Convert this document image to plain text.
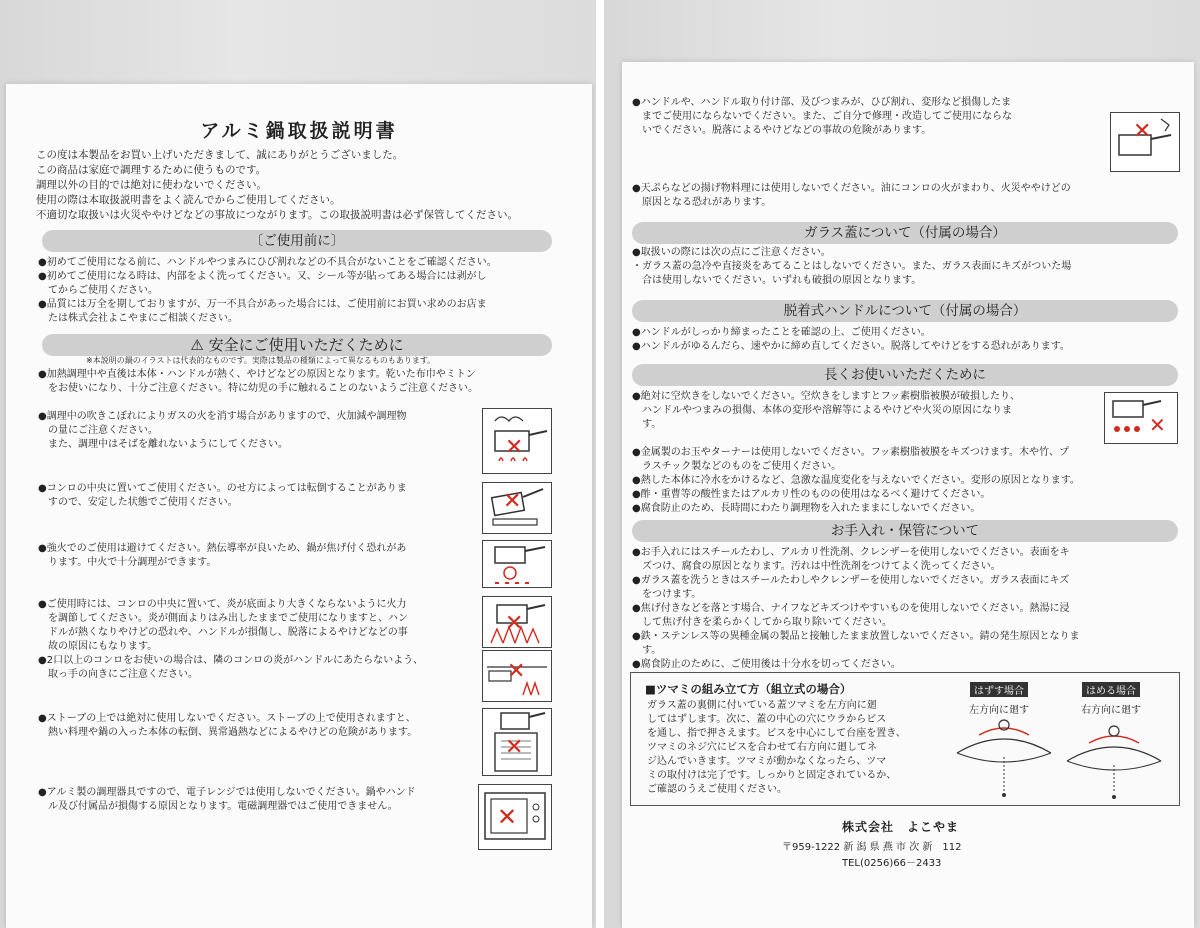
アルミ鍋取扱説明書
この度は本製品をお買い上げいただきまして、誠にありがとうございました。
この商品は家庭で調理するために使うものです。
調理以外の目的では絶対に使わないでください。
使用の際は本取扱説明書をよく読んでからご使用してください。
不適切な取扱いは火災ややけどなどの事故につながります。この取扱説明書は必ず保管してください。
〔ご使用前に〕

●初めてご使用になる前に、ハンドルやつまみにひび割れなどの不具合がないことをご確認ください。

●初めてご使用になる時は、内部をよく洗ってください。又、シール等が貼ってある場合には剥がし

　てからご使用ください。

●品質には万全を期しておりますが、万一不具合があった場合には、ご使用前にお買い求めのお店ま

　たは株式会社よこやまにご相談ください。

⚠ 安全にご使用いただくために
※本説明の鍋のイラストは代表的なものです。実際は製品の種類によって異なるものもあります。

●加熱調理中や直後は本体・ハンドルが熱く、やけどなどの原因となります。乾いた布巾やミトン

　をお使いになり、十分ご注意ください。特に幼児の手に触れることのないようご注意ください。

●調理中の吹きこぼれによりガスの火を消す場合がありますので、火加減や調理物

　の量にご注意ください。

　また、調理中はそばを離れないようにしてください。	✕

●コンロの中央に置いてご使用ください。のせ方によっては転倒することがありま

　すので、安定した状態でご使用ください。	✕

●強火でのご使用は避けてください。熱伝導率が良いため、鍋が焦げ付く恐れがあ

　ります。中火で十分調理ができます。

●ご使用時には、コンロの中央に置いて、炎が底面より大きくならないように火力

　を調節してください。炎が側面よりはみ出したままでご使用になりますと、ハン

　ドルが熱くなりやけどの恐れや、ハンドルが損傷し、脱落によるやけどなどの事

　故の原因にもなります。

✕

●2口以上のコンロをお使いの場合は、隣のコンロの炎がハンドルにあたらないよう、

　取っ手の向きにご注意ください。	✕

●ストーブの上では絶対に使用しないでください。ストーブの上で使用されますと、

　熱い料理や鍋の入った本体の転倒、異常過熱などによるやけどの危険があります。

✕

●アルミ製の調理器具ですので、電子レンジでは使用しないでください。鍋やハンド

　ル及び付属品が損傷する原因となります。電磁調理器ではご使用できません。	✕

●ハンドルや、ハンドル取り付け部、及びつまみが、ひび割れ、変形など損傷したま

　までご使用にならないでください。また、ご自分で修理・改造してご使用にならな

　いでください。脱落によるやけどなどの事故の危険があります。	✕

●天ぷらなどの揚げ物料理には使用しないでください。油にコンロの火がまわり、火災ややけどの

　原因となる恐れがあります。

ガラス蓋について（付属の場合）

●取扱いの際には次の点にご注意ください。

・ガラス蓋の急冷や直接炎をあてることはしないでください。また、ガラス表面にキズがついた場

　合は使用しないでください。いずれも破損の原因となります。

脱着式ハンドルについて（付属の場合）

●ハンドルがしっかり締まったことを確認の上、ご使用ください。

●ハンドルがゆるんだら、速やかに締め直してください。脱落してやけどをする恐れがあります。

長くお使いいただくために

●絶対に空炊きをしないでください。空炊きをしますとフッ素樹脂被膜が破損したり、

　ハンドルやつまみの損傷、本体の変形や溶解等によるやけどや火災の原因になりま

　す。	✕

●金属製のお玉やターナーは使用しないでください。フッ素樹脂被膜をキズつけます。木や竹、プ

　ラスチック製などのものをご使用ください。

●熱した本体に冷水をかけるなど、急激な温度変化を与えないでください。変形の原因となります。

●酢・重曹等の酸性またはアルカリ性のものの使用はなるべく避けてください。

●腐食防止のため、長時間にわたり調理物を入れたままにしないでください。

お手入れ・保管について

●お手入れにはスチールたわし、アルカリ性洗剤、クレンザーを使用しないでください。表面をキ

　ズつけ、腐食の原因となります。汚れは中性洗剤をつけてよく洗ってください。

●ガラス蓋を洗うときはスチールたわしやクレンザーを使用しないでください。ガラス表面にキズ

　をつけます。

●焦げ付きなどを落とす場合、ナイフなどキズつけやすいものを使用しないでください。熱湯に浸

　して焦げ付きを柔らかくしてから取り除いてください。

●鉄・ステンレス等の異種金属の製品と接触したまま放置しないでください。錆の発生原因となりま

　す。

●腐食防止のために、ご使用後は十分水を切ってください。

■ツマミの組み立て方（組立式の場合）

ガラス蓋の裏側に付いている蓋ツマミを左方向に廻

してはずします。次に、蓋の中心の穴にウラからビス

を通し、指で押さえます。ビスを中心にして台座を置き、

ツマミのネジ穴にビスを合わせて右方向に廻してネ

ジ込んでいきます。ツマミが動かなくなったら、ツマ

ミの取付けは完了です。しっかりと固定されているか、

ご確認のうえご使用ください。

はずす場合
左方向に廻す
はめる場合
右方向に廻す
株式会社　よこやま
〒959-1222 新 潟 県 燕 市 次 新　112
TEL(0256)66－2433
